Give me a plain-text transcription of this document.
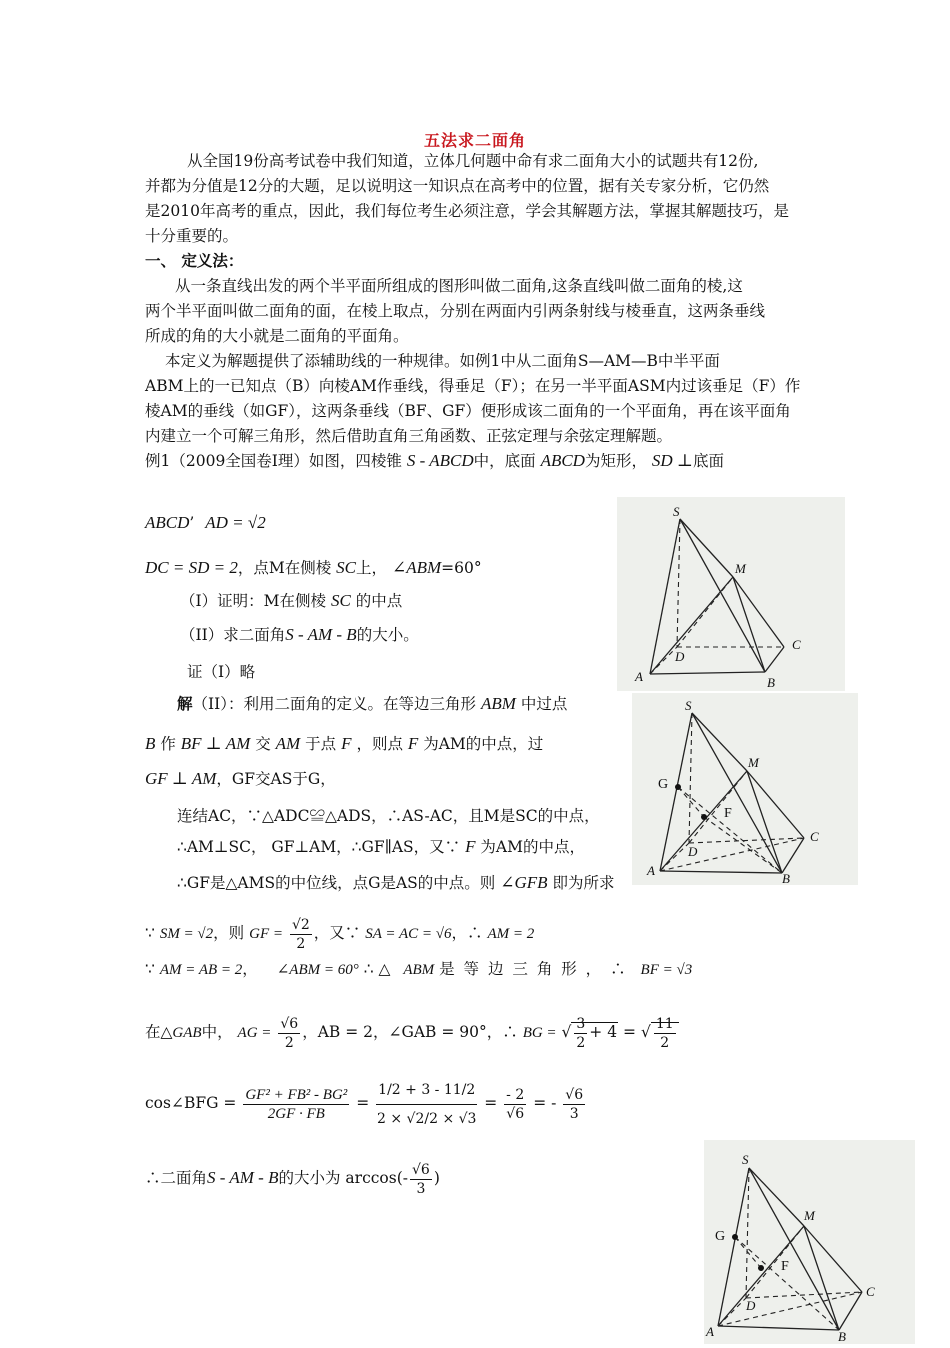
五法求二面角
从全国19份高考试卷中我们知道，立体几何题中命有求二面角大小的试题共有12份,
并都为分值是12分的大题，足以说明这一知识点在高考中的位置，据有关专家分析，它仍然
是2010年高考的重点，因此，我们每位考生必须注意，学会其解题方法，掌握其解题技巧，是
十分重要的。
一、 定义法：
从一条直线出发的两个半平面所组成的图形叫做二面角,这条直线叫做二面角的棱,这
两个半平面叫做二面角的面，在棱上取点，分别在两面内引两条射线与棱垂直，这两条垂线
所成的角的大小就是二面角的平面角。
本定义为解题提供了添辅助线的一种规律。如例1中从二面角S—AM—B中半平面
ABM上的一已知点（B）向棱AM作垂线，得垂足（F）；在另一半平面ASM内过该垂足（F）作
棱AM的垂线（如GF），这两条垂线（BF、GF）便形成该二面角的一个平面角，再在该平面角
内建立一个可解三角形，然后借助直角三角函数、正弦定理与余弦定理解题。
例1（2009全国卷Ⅰ理）如图，四棱锥 S - ABCD中，底面 ABCD为矩形， SD ⊥底面
ABCD’ AD = √2
DC = SD = 2，点M在侧棱 SC上， ∠ABM=60°
（I）证明：M在侧棱 SC 的中点
（II）求二面角S - AM - B的大小。
证（I）略
解（II）：利用二面角的定义。在等边三角形 ABM 中过点
B 作 BF ⊥ AM 交 AM 于点 F ，则点 F 为AM的中点，过
GF ⊥ AM，GF交AS于G，
连结AC，∵△ADC≌△ADS，∴AS-AC，且M是SC的中点，
∴AM⊥SC， GF⊥AM，∴GF∥AS，又∵ F 为AM的中点，
∴GF是△AMS的中位线，点G是AS的中点。则 ∠GFB 即为所求
∵ SM = √2，则 GF = $\frac{√2}{2}$ ，又∵ SA = AC = √6，∴ AM = 2
∵ AM = AB = 2， ∠ABM = 60° ∴ △ ABM 是 等 边 三 角 形 ， ∴ BF = √3
在△GAB中， AG = $\frac{√6}{2}$ ，AB = 2，∠GAB = 90°，∴ BG = √ $\frac{3}{2} + 4$ = √ $\frac{11}{2}$
cos∠BFG = $\frac{\text{GF² + FB² - BG²}}{2GF \cdot FB} = \frac{1/2 + 3 - 11/2}{2 \times √2/2 \times √3} = \frac{- 2}{√6}$ = - $\frac{√6}{3}$
∴二面角S - AM - B的大小为 $\arccos(- \frac{√6}{3}$ )
S
M
C
A	B
D
S
M
C
A
B
D
G
F
S
M
C
A	B
D
G
F
